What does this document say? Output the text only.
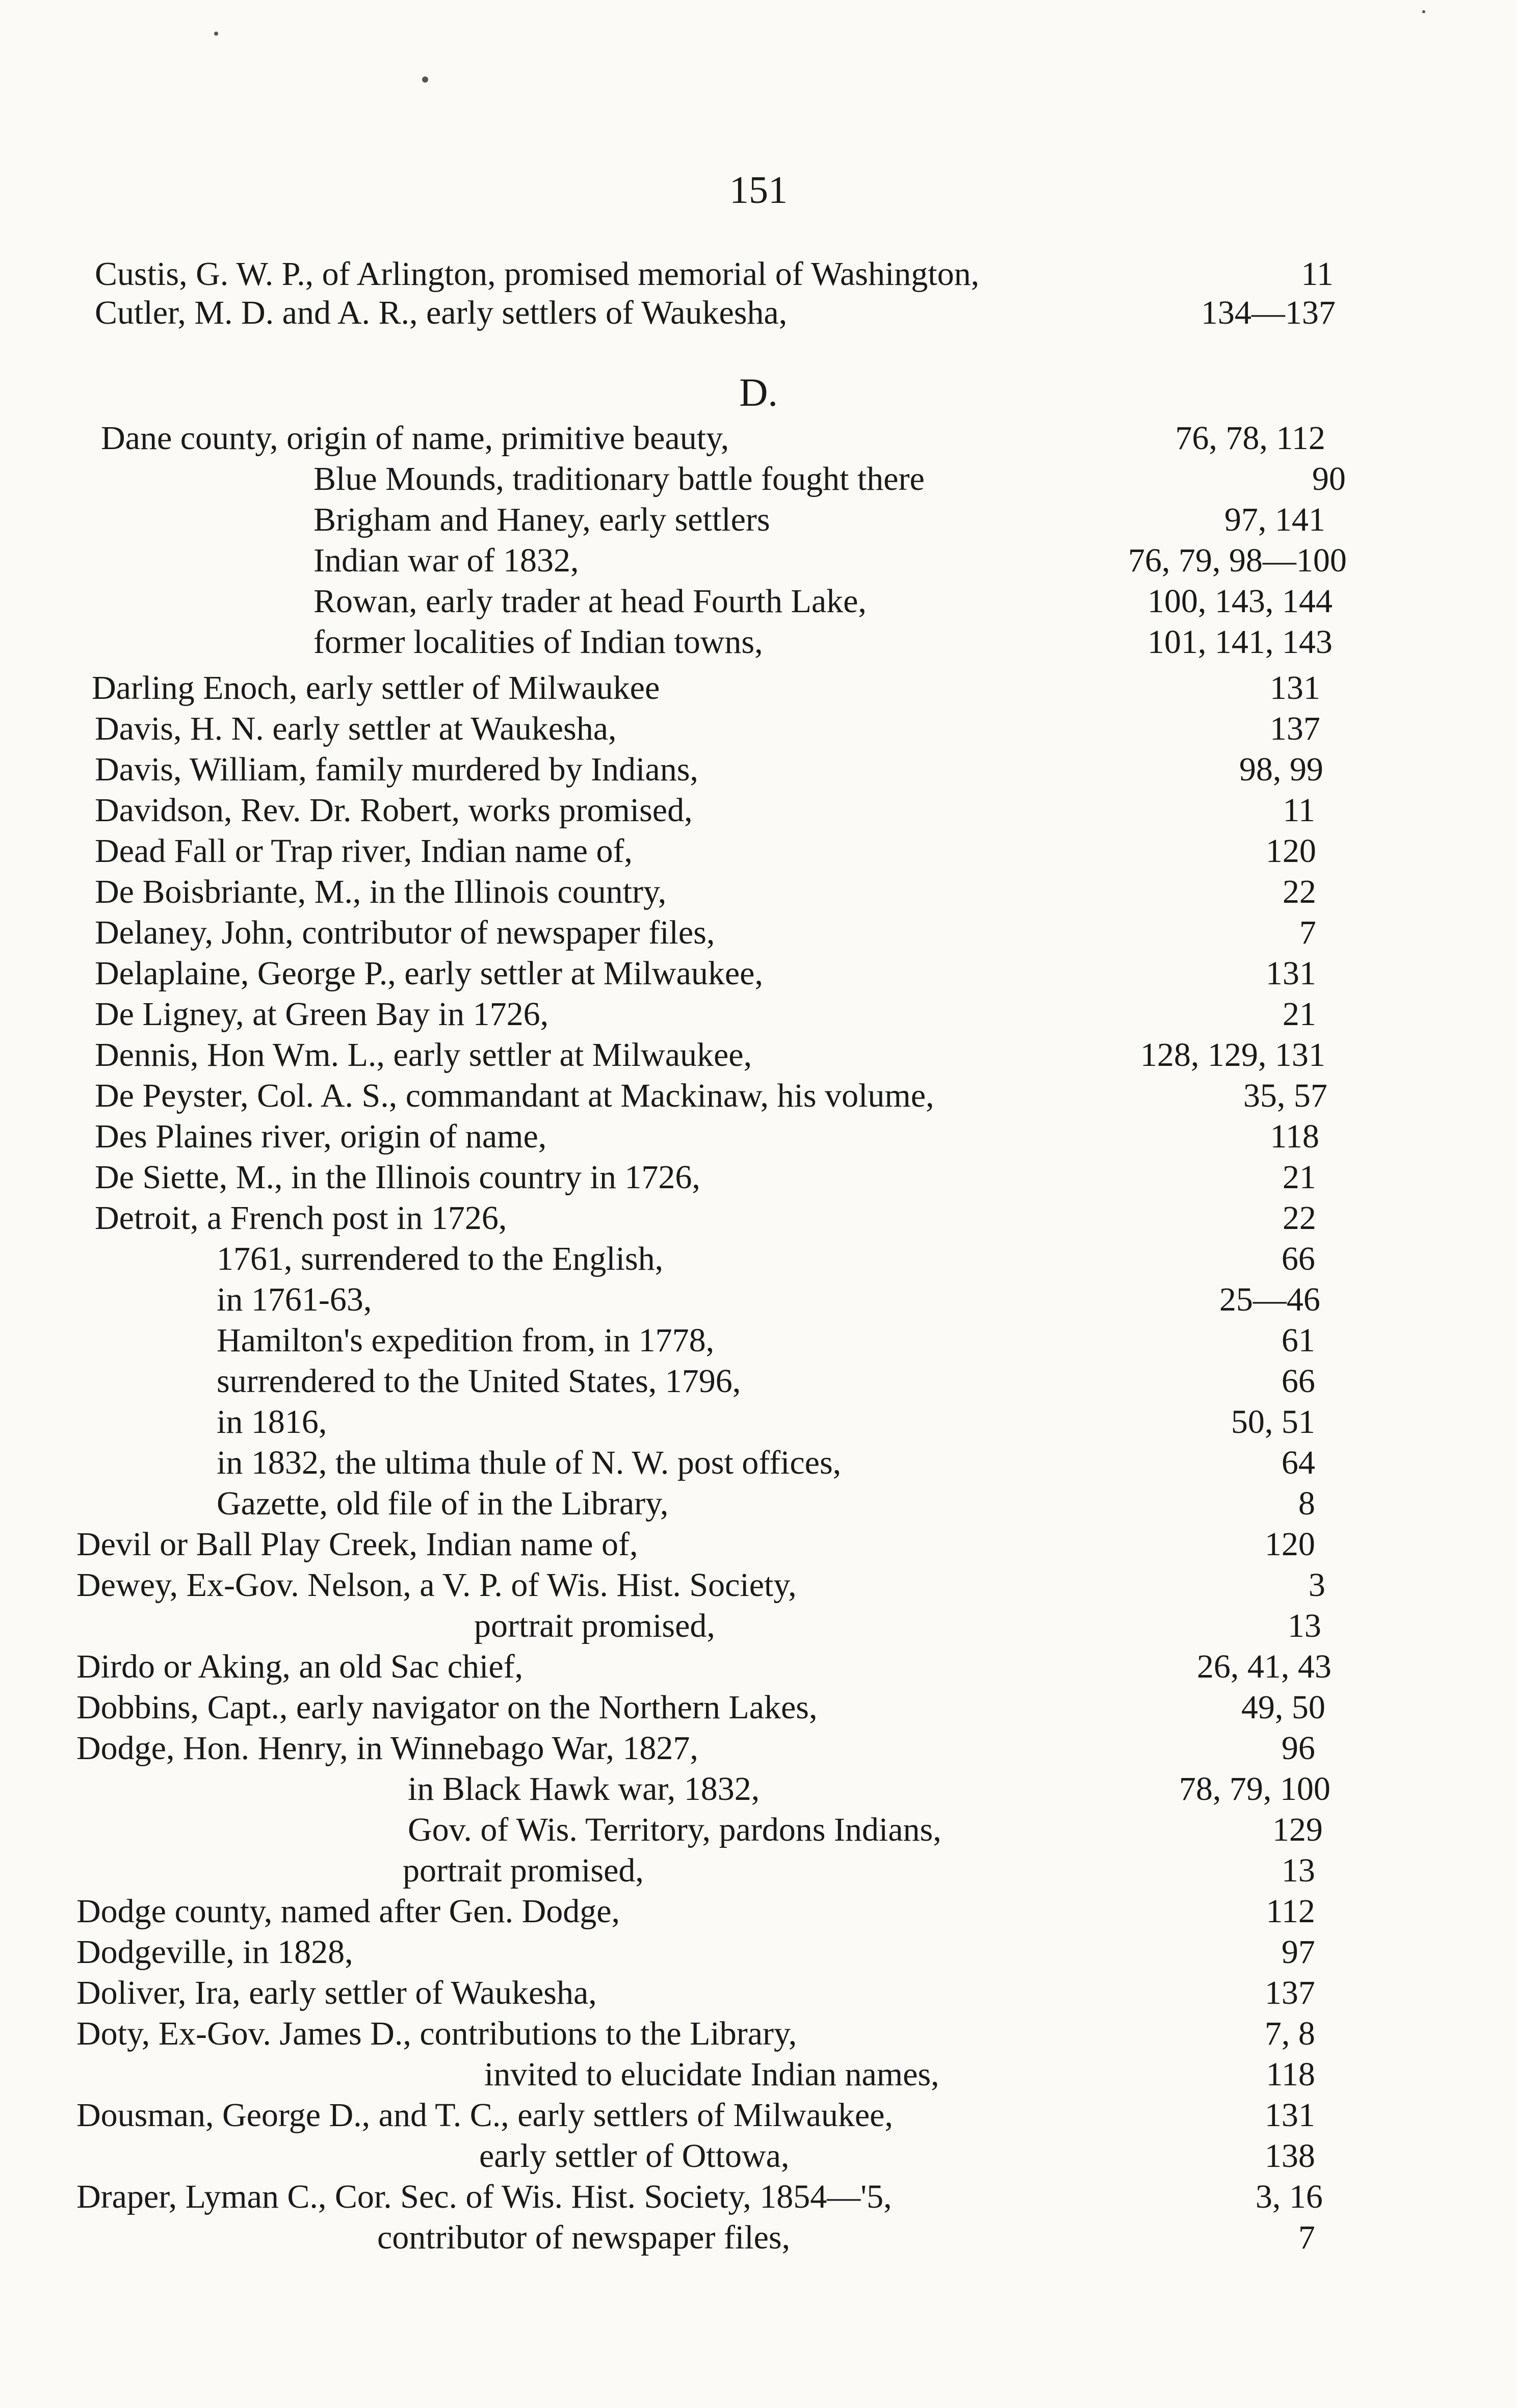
151
D.
Custis, G. W. P., of Arlington, promised memorial of Washington,	11
Cutler, M. D. and A. R., early settlers of Waukesha,	134—137
Dane county, origin of name, primitive beauty,	76, 78, 112
Blue Mounds, traditionary battle fought there	90
Brigham and Haney, early settlers	97, 141
Indian war of 1832,	76, 79, 98—100
Rowan, early trader at head Fourth Lake,	100, 143, 144
former localities of Indian towns,	101, 141, 143
Darling Enoch, early settler of Milwaukee	131
Davis, H. N. early settler at Waukesha,	137
Davis, William, family murdered by Indians,	98, 99
Davidson, Rev. Dr. Robert, works promised,	11
Dead Fall or Trap river, Indian name of,	120
De Boisbriante, M., in the Illinois country,	22
Delaney, John, contributor of newspaper files,	7
Delaplaine, George P., early settler at Milwaukee,	131
De Ligney, at Green Bay in 1726,	21
Dennis, Hon Wm. L., early settler at Milwaukee,	128, 129, 131
De Peyster, Col. A. S., commandant at Mackinaw, his volume,	35, 57
Des Plaines river, origin of name,	118
De Siette, M., in the Illinois country in 1726,	21
Detroit, a French post in 1726,	22
1761, surrendered to the English,	66
in 1761-63,	25—46
Hamilton's expedition from, in 1778,	61
surrendered to the United States, 1796,	66
in 1816,	50, 51
in 1832, the ultima thule of N. W. post offices,	64
Gazette, old file of in the Library,	8
Devil or Ball Play Creek, Indian name of,	120
Dewey, Ex-Gov. Nelson, a V. P. of Wis. Hist. Society,	3
portrait promised,	13
Dirdo or Aking, an old Sac chief,	26, 41, 43
Dobbins, Capt., early navigator on the Northern Lakes,	49, 50
Dodge, Hon. Henry, in Winnebago War, 1827,	96
in Black Hawk war, 1832,	78, 79, 100
Gov. of Wis. Territory, pardons Indians,	129
portrait promised,	13
Dodge county, named after Gen. Dodge,	112
Dodgeville, in 1828,	97
Doliver, Ira, early settler of Waukesha,	137
Doty, Ex-Gov. James D., contributions to the Library,	7, 8
invited to elucidate Indian names,	118
Dousman, George D., and T. C., early settlers of Milwaukee,	131
early settler of Ottowa,	138
Draper, Lyman C., Cor. Sec. of Wis. Hist. Society, 1854—'5,	3, 16
contributor of newspaper files,	7
